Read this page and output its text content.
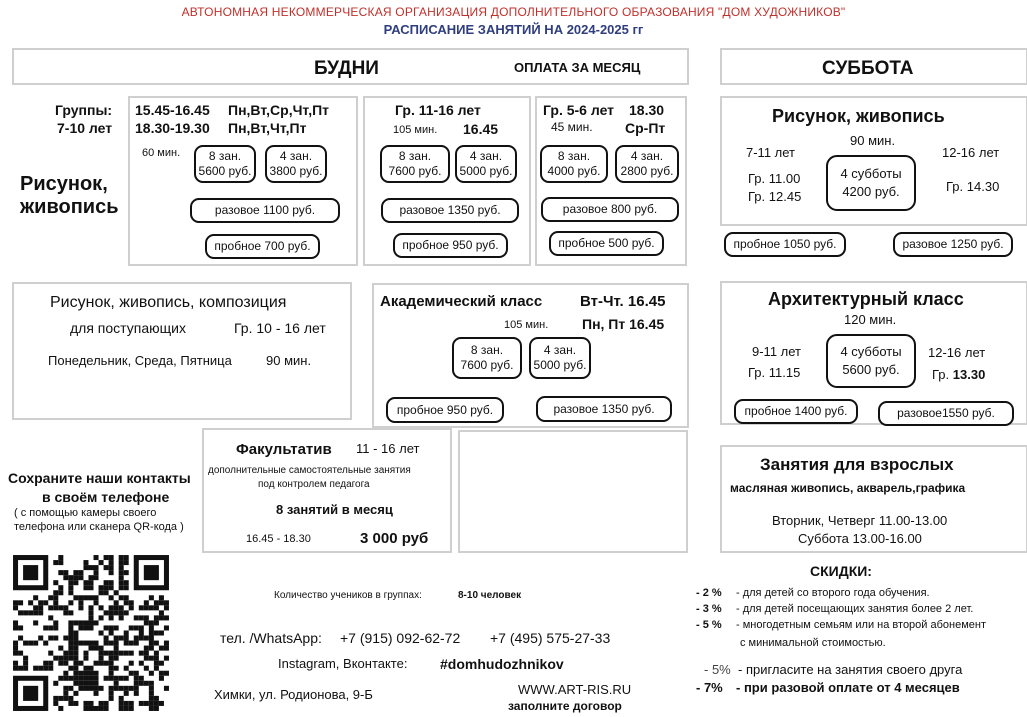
АВТОНОМНАЯ НЕКОММЕРЧЕСКАЯ ОРГАНИЗАЦИЯ ДОПОЛНИТЕЛЬНОГО ОБРАЗОВАНИЯ "ДОМ ХУДОЖНИКОВ"
РАСПИСАНИЕ ЗАНЯТИЙ НА 2024-2025 гг
БУДНИ	ОПЛАТА ЗА МЕСЯЦ	СУББОТА
Рисунок,
живопись
Группы:
7-10 лет
15.45-16.45 Пн,Вт,Ср,Чт,Пт
18.30-19.30 Пн,Вт,Чт,Пт
60 мин. 8 зан.
5600 руб.
4 зан.
3800 руб.
разовое 1100 руб.
пробное 700 руб.
Гр. 11-16 лет
105 мин. 16.45
8 зан.
7600 руб.
4 зан.
5000 руб.
разовое 1350 руб.
пробное 950 руб.
Гр. 5-6 лет 18.30
45 мин. Ср-Пт
8 зан.
4000 руб.
4 зан.
2800 руб.
разовое 800 руб.
пробное 500 руб.
Рисунок, живопись
90 мин.
7-11 лет
Гр. 11.00
Гр. 12.45
12-16 лет
Гр. 14.30
4 субботы
4200 руб.
пробное 1050 руб.	разовое 1250 руб.
Рисунок, живопись, композиция
для поступающих	Гр. 10 - 16 лет
Понедельник, Среда, Пятница	90 мин.
Академический класс	Вт-Чт. 16.45
105 мин. Пн, Пт 16.45
8 зан.
7600 руб.
4 зан.
5000 руб.
пробное 950 руб.	разовое 1350 руб.
Архитектурный класс
120 мин.
9-11 лет
Гр. 11.15
12-16 лет
Гр. 13.30
4 субботы
5600 руб.
пробное 1400 руб.	разовое1550 руб.
Факультатив 11 - 16 лет
дополнительные самостоятельные занятия
под контролем педагога
8 занятий в месяц
16.45 - 18.30	3 000 руб
Занятия для взрослых
масляная живопись, акварель,графика
Вторник, Четверг 11.00-13.00
Суббота 13.00-16.00
Сохраните наши контакты
в своём телефоне
( с помощью камеры своего
телефона или сканера QR-кода )
Количество учеников в группах:	8-10 человек
тел. /WhatsApp: +7 (915) 092-62-72 +7 (495) 575-27-33
Instagram, Вконтакте: #domhudozhnikov
Химки, ул. Родионова, 9-Б	WWW.ART-RIS.RU
заполните договор
СКИДКИ:
- 2 % - для детей со второго года обучения.
- 3 % - для детей посещающих занятия более 2 лет.
- 5 % - многодетным семьям или на второй абонемент
с минимальной стоимостью.
- 5% - пригласите на занятия своего друга
- 7% - при разовой оплате от 4 месяцев
